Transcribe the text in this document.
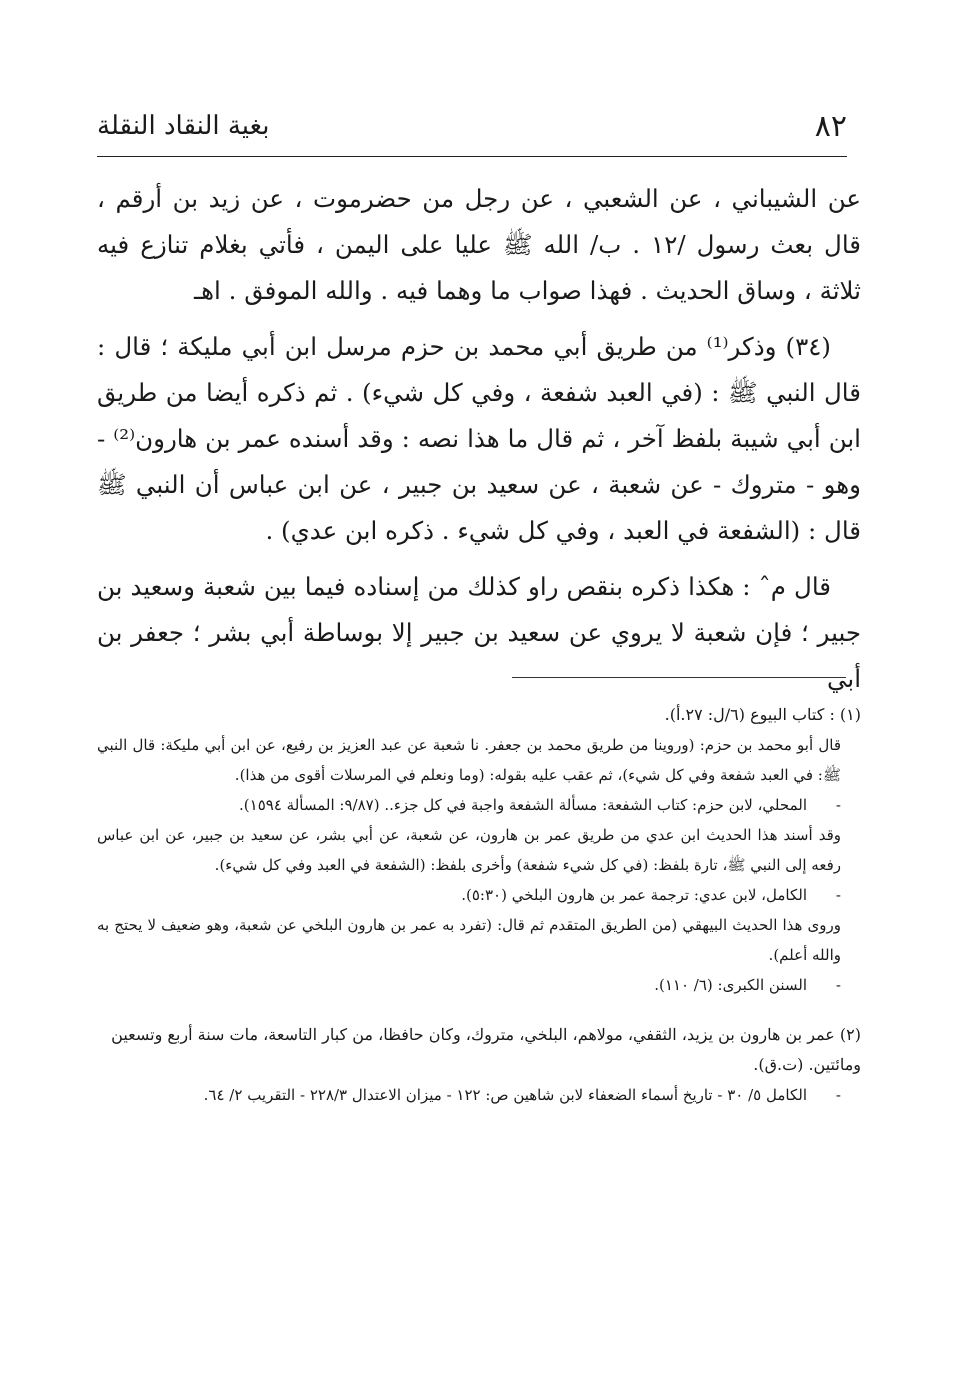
٨٢
بغية النقاد النقلة

عن الشيباني ، عن الشعبي ، عن رجل من حضرموت ، عن زيد بن أرقم ، قال بعث رسول /١٢ . ب/ الله ﷺ عليا على اليمن ، فأتي بغلام تنازع فيه ثلاثة ، وساق الحديث . فهذا صواب ما وهما فيه . والله الموفق . اهـ

(٣٤) وذكر⁽¹⁾ من طريق أبي محمد بن حزم مرسل ابن أبي مليكة ؛ قال : قال النبي ﷺ : (في العبد شفعة ، وفي كل شيء) . ثم ذكره أيضا من طريق ابن أبي شيبة بلفظ آخر ، ثم قال ما هذا نصه : وقد أسنده عمر بن هارون⁽²⁾ - وهو - متروك - عن شعبة ، عن سعيد بن جبير ، عن ابن عباس أن النبي ﷺ قال : (الشفعة في العبد ، وفي كل شيء . ذكره ابن عدي) .

قال مˆ : هكذا ذكره بنقص راو كذلك من إسناده فيما بين شعبة وسعيد بن جبير ؛ فإن شعبة لا يروي عن سعيد بن جبير إلا بوساطة أبي بشر ؛ جعفر بن أبي

(١) : كتاب البيوع (٦/ل: ٢٧.أ).

قال أبو محمد بن حزم: (وروينا من طريق محمد بن جعفر. نا شعبة عن عبد العزيز بن رفيع، عن ابن أبي مليكة: قال النبي ﷺ: في العبد شفعة وفي كل شيء)، ثم عقب عليه بقوله: (وما ونعلم في المرسلات أقوى من هذا).

-
المحلي، لابن حزم: كتاب الشفعة: مسألة الشفعة واجبة في كل جزء.. (٩/٨٧: المسألة ١٥٩٤).

وقد أسند هذا الحديث ابن عدي من طريق عمر بن هارون، عن شعبة، عن أبي بشر، عن سعيد بن جبير، عن ابن عباس رفعه إلى النبي ﷺ، تارة بلفظ: (في كل شيء شفعة) وأخرى بلفظ: (الشفعة في العبد وفي كل شيء).

-
الكامل، لابن عدي: ترجمة عمر بن هارون البلخي (٥:٣٠).

وروى هذا الحديث البيهقي (من الطريق المتقدم ثم قال: (تفرد به عمر بن هارون البلخي عن شعبة، وهو ضعيف لا يحتج به والله أعلم).

-
السنن الكبرى: (٦/ ١١٠).

(٢) عمر بن هارون بن يزيد، الثقفي، مولاهم، البلخي، متروك، وكان حافظا، من كبار التاسعة، مات سنة أربع وتسعين ومائتين. (ت.ق).

-
الكامل ٥/ ٣٠ - تاريخ أسماء الضعفاء لابن شاهين ص: ١٢٢ - ميزان الاعتدال ٢٢٨/٣ - التقريب ٢/ ٦٤.
